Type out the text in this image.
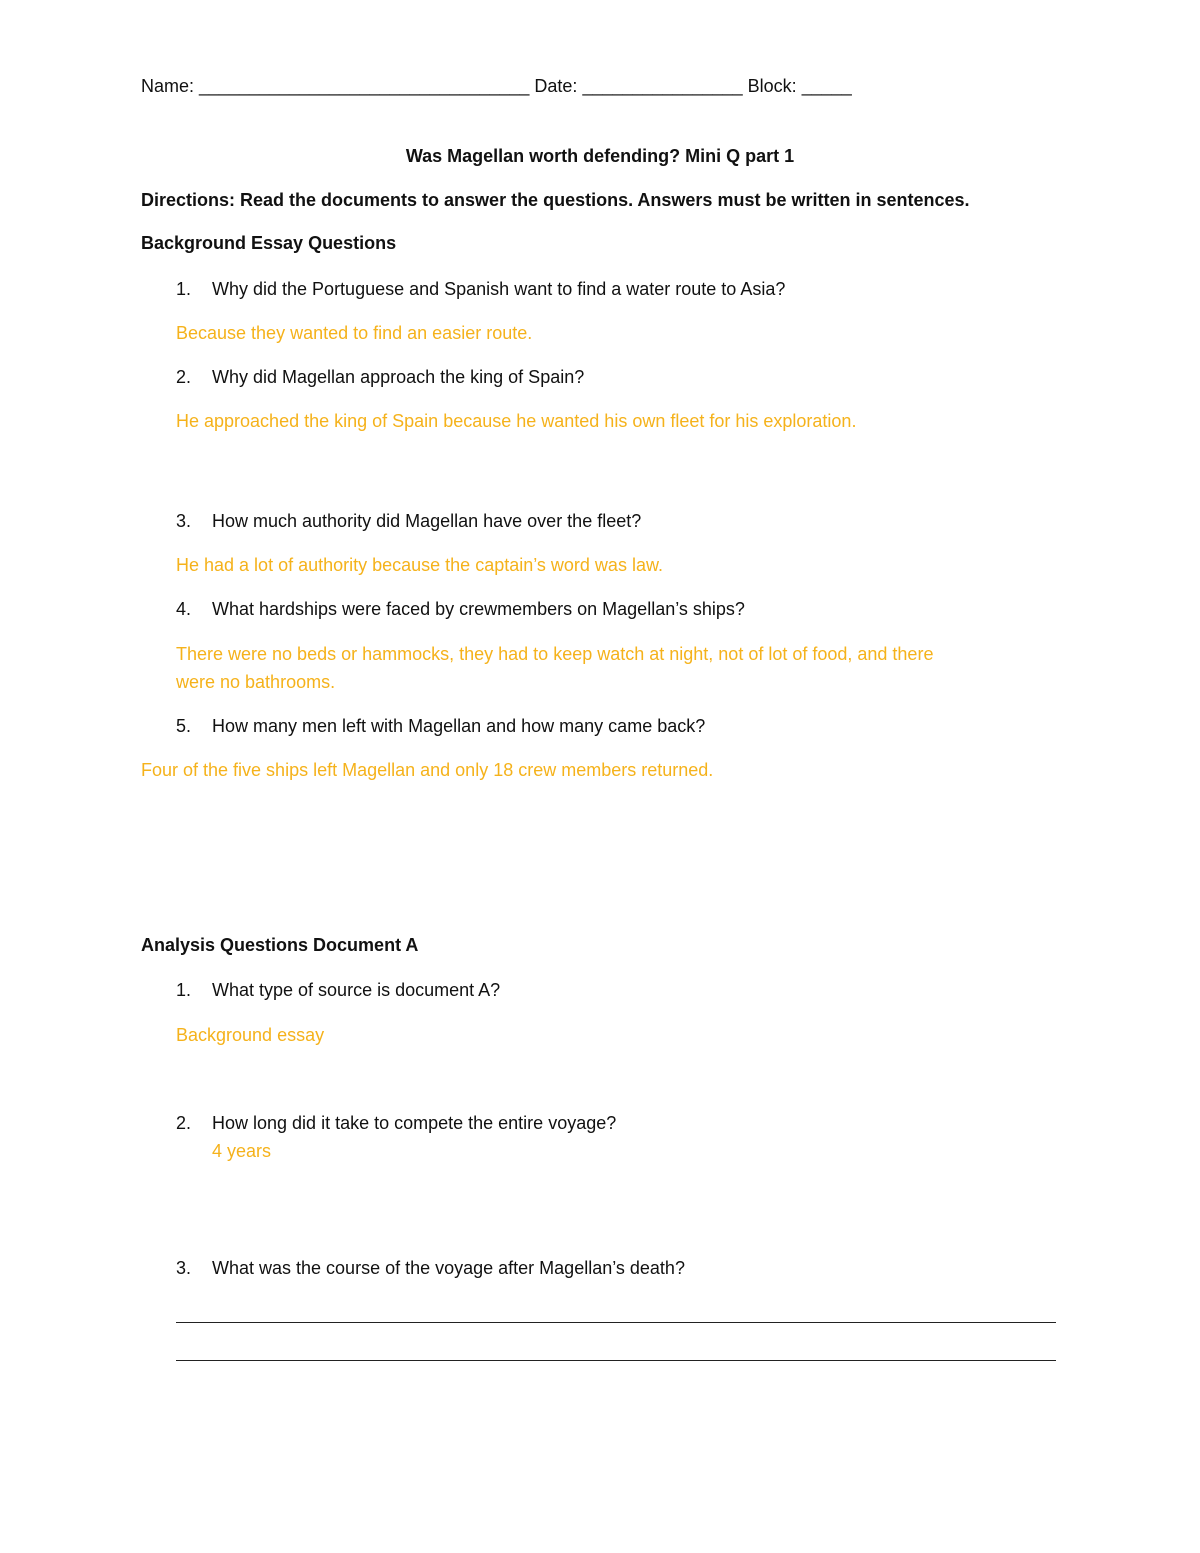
Name: _________________________________ Date: ________________ Block: _____
Was Magellan worth defending? Mini Q part 1
Directions: Read the documents to answer the questions. Answers must be written in sentences.
Background Essay Questions
1. Why did the Portuguese and Spanish want to find a water route to Asia?
Because they wanted to find an easier route.
2. Why did Magellan approach the king of Spain?
He approached the king of Spain because he wanted his own fleet for his exploration.
3. How much authority did Magellan have over the fleet?
He had a lot of authority because the captain’s word was law.
4. What hardships were faced by crewmembers on Magellan’s ships?
There were no beds or hammocks, they had to keep watch at night, not of lot of food, and there
were no bathrooms.
5. How many men left with Magellan and how many came back?
Four of the five ships left Magellan and only 18 crew members returned.
Analysis Questions Document A
1. What type of source is document A?
Background essay
2. How long did it take to compete the entire voyage?
4 years
3. What was the course of the voyage after Magellan’s death?
